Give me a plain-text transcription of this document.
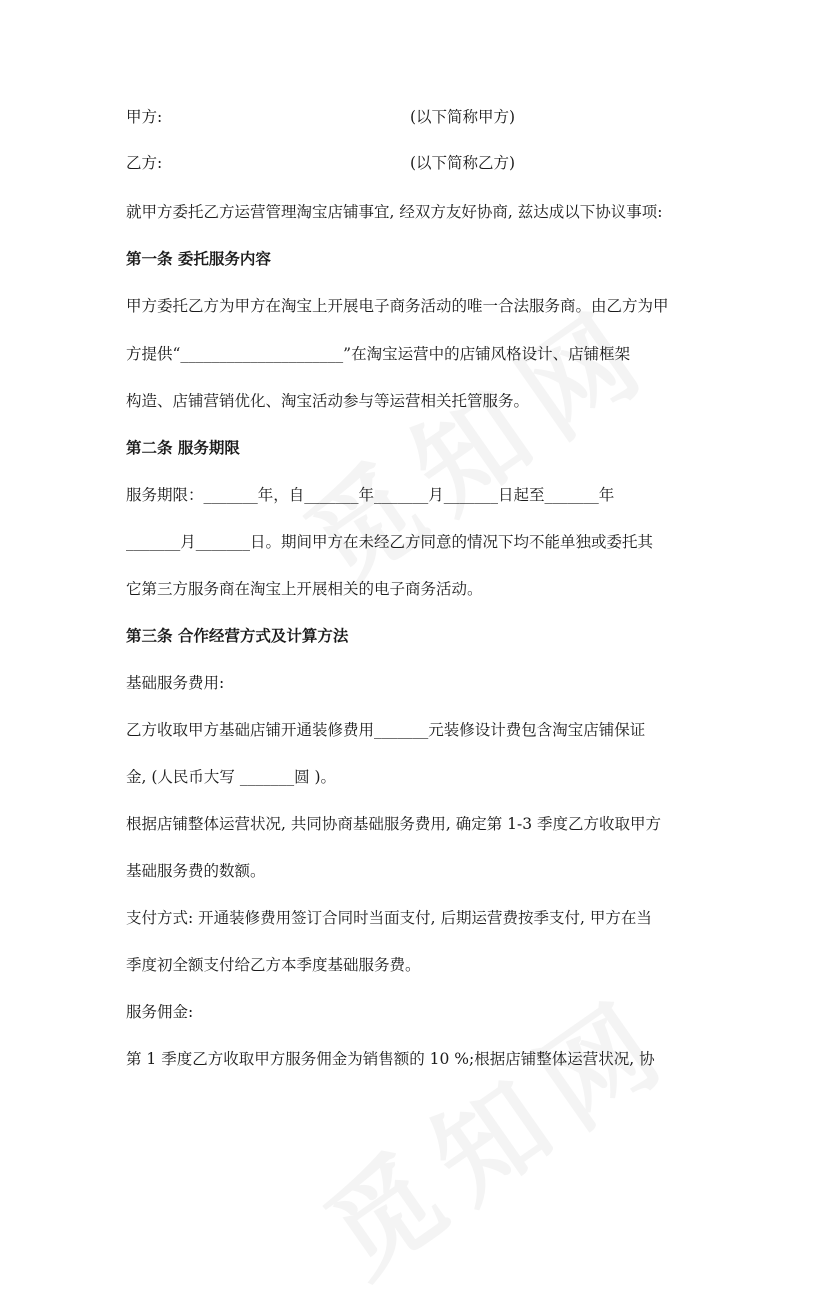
甲方:	(以下简称甲方)
乙方:	(以下简称乙方)
就甲方委托乙方运营管理淘宝店铺事宜, 经双方友好协商, 兹达成以下协议事项:
第一条 委托服务内容
甲方委托乙方为甲方在淘宝上开展电子商务活动的唯一合法服务商。由乙方为甲
方提供“_____________________”在淘宝运营中的店铺风格设计、店铺框架
构造、店铺营销优化、淘宝活动参与等运营相关托管服务。
第二条 服务期限
服务期限：_______年，自_______年_______月_______日起至_______年
_______月_______日。期间甲方在未经乙方同意的情况下均不能单独或委托其
它第三方服务商在淘宝上开展相关的电子商务活动。
第三条 合作经营方式及计算方法
基础服务费用:
乙方收取甲方基础店铺开通装修费用_______元装修设计费包含淘宝店铺保证
金, (人民币大写 _______圆 )。
根据店铺整体运营状况, 共同协商基础服务费用, 确定第 1-3 季度乙方收取甲方
基础服务费的数额。
支付方式: 开通装修费用签订合同时当面支付, 后期运营费按季支付, 甲方在当
季度初全额支付给乙方本季度基础服务费。
服务佣金:
第 1 季度乙方收取甲方服务佣金为销售额的 10 %;根据店铺整体运营状况, 协
